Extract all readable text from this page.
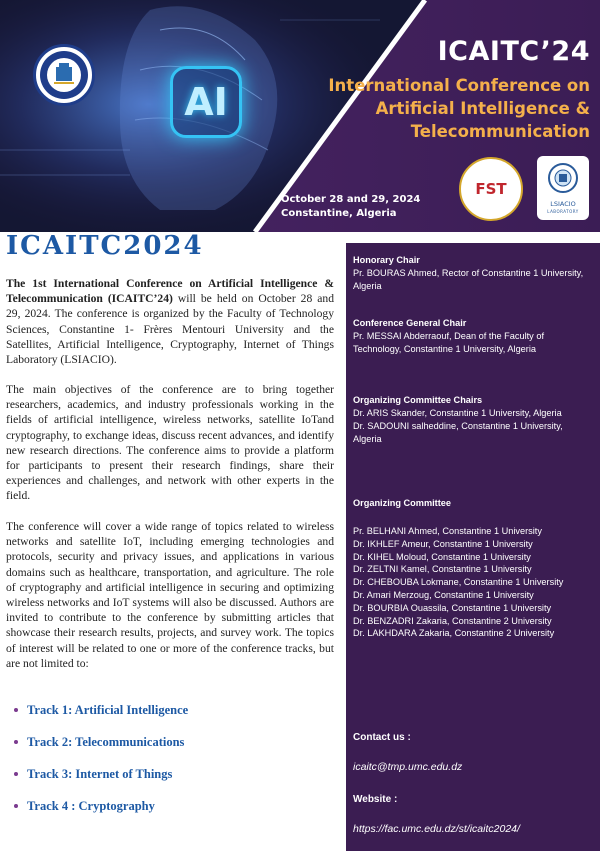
AI
ICAITC’24
International Conference on Artificial Intelligence & Telecommunication
October 28 and 29, 2024
Constantine, Algeria
FST
LSIACIO
LABORATORY
ICAITC2024

The 1st International Conference on Artificial Intelligence & Telecommunication (ICAITC’24) will be held on October 28 and 29, 2024. The conference is organized by the Faculty of Technology Sciences, Constantine 1- Frères Mentouri University and the Satellites, Artificial Intelligence, Cryptography, Internet of Things Laboratory (LSIACIO).

The main objectives of the conference are to bring together researchers, academics, and industry professionals working in the fields of artificial intelligence, wireless networks, satellite IoTand cryptography, to exchange ideas, discuss recent advances, and identify new research directions. The conference aims to provide a platform for participants to present their research findings, share their experiences and challenges, and network with other experts in the field.

The conference will cover a wide range of topics related to wireless networks and satellite IoT, including emerging technologies and protocols, security and privacy issues, and applications in various domains such as healthcare, transportation, and agriculture. The role of cryptography and artificial intelligence in securing and optimizing wireless networks and IoT systems will also be discussed. Authors are invited to contribute to the conference by submitting articles that showcase their research results, projects, and survey work. The topics of interest will be related to one or more of the conference tracks, but are not limited to:

Track 1: Artificial Intelligence
Track 2: Telecommunications
Track 3: Internet of Things
Track 4 : Cryptography
Honorary Chair
Pr. BOURAS Ahmed, Rector of Constantine 1 University, Algeria
Conference General Chair
Pr. MESSAI Abderraouf, Dean of the Faculty of Technology, Constantine 1 University, Algeria
Organizing Committee Chairs
Dr. ARIS Skander, Constantine 1 University, Algeria
Dr. SADOUNI salheddine, Constantine 1 University, Algeria
Organizing Committee
Pr. BELHANI Ahmed, Constantine 1 University
Dr. IKHLEF Ameur, Constantine 1 University
Dr. KIHEL Moloud, Constantine 1 University
Dr. ZELTNI Kamel, Constantine 1 University
Dr. CHEBOUBA Lokmane, Constantine 1 University
Dr. Amari Merzoug, Constantine 1 University
Dr. BOURBIA Ouassila, Constantine 1 University
Dr. BENZADRI Zakaria, Constantine 2 University
Dr. LAKHDARA Zakaria, Constantine 2 University
Contact us :
icaitc@tmp.umc.edu.dz
Website :
https://fac.umc.edu.dz/st/icaitc2024/
